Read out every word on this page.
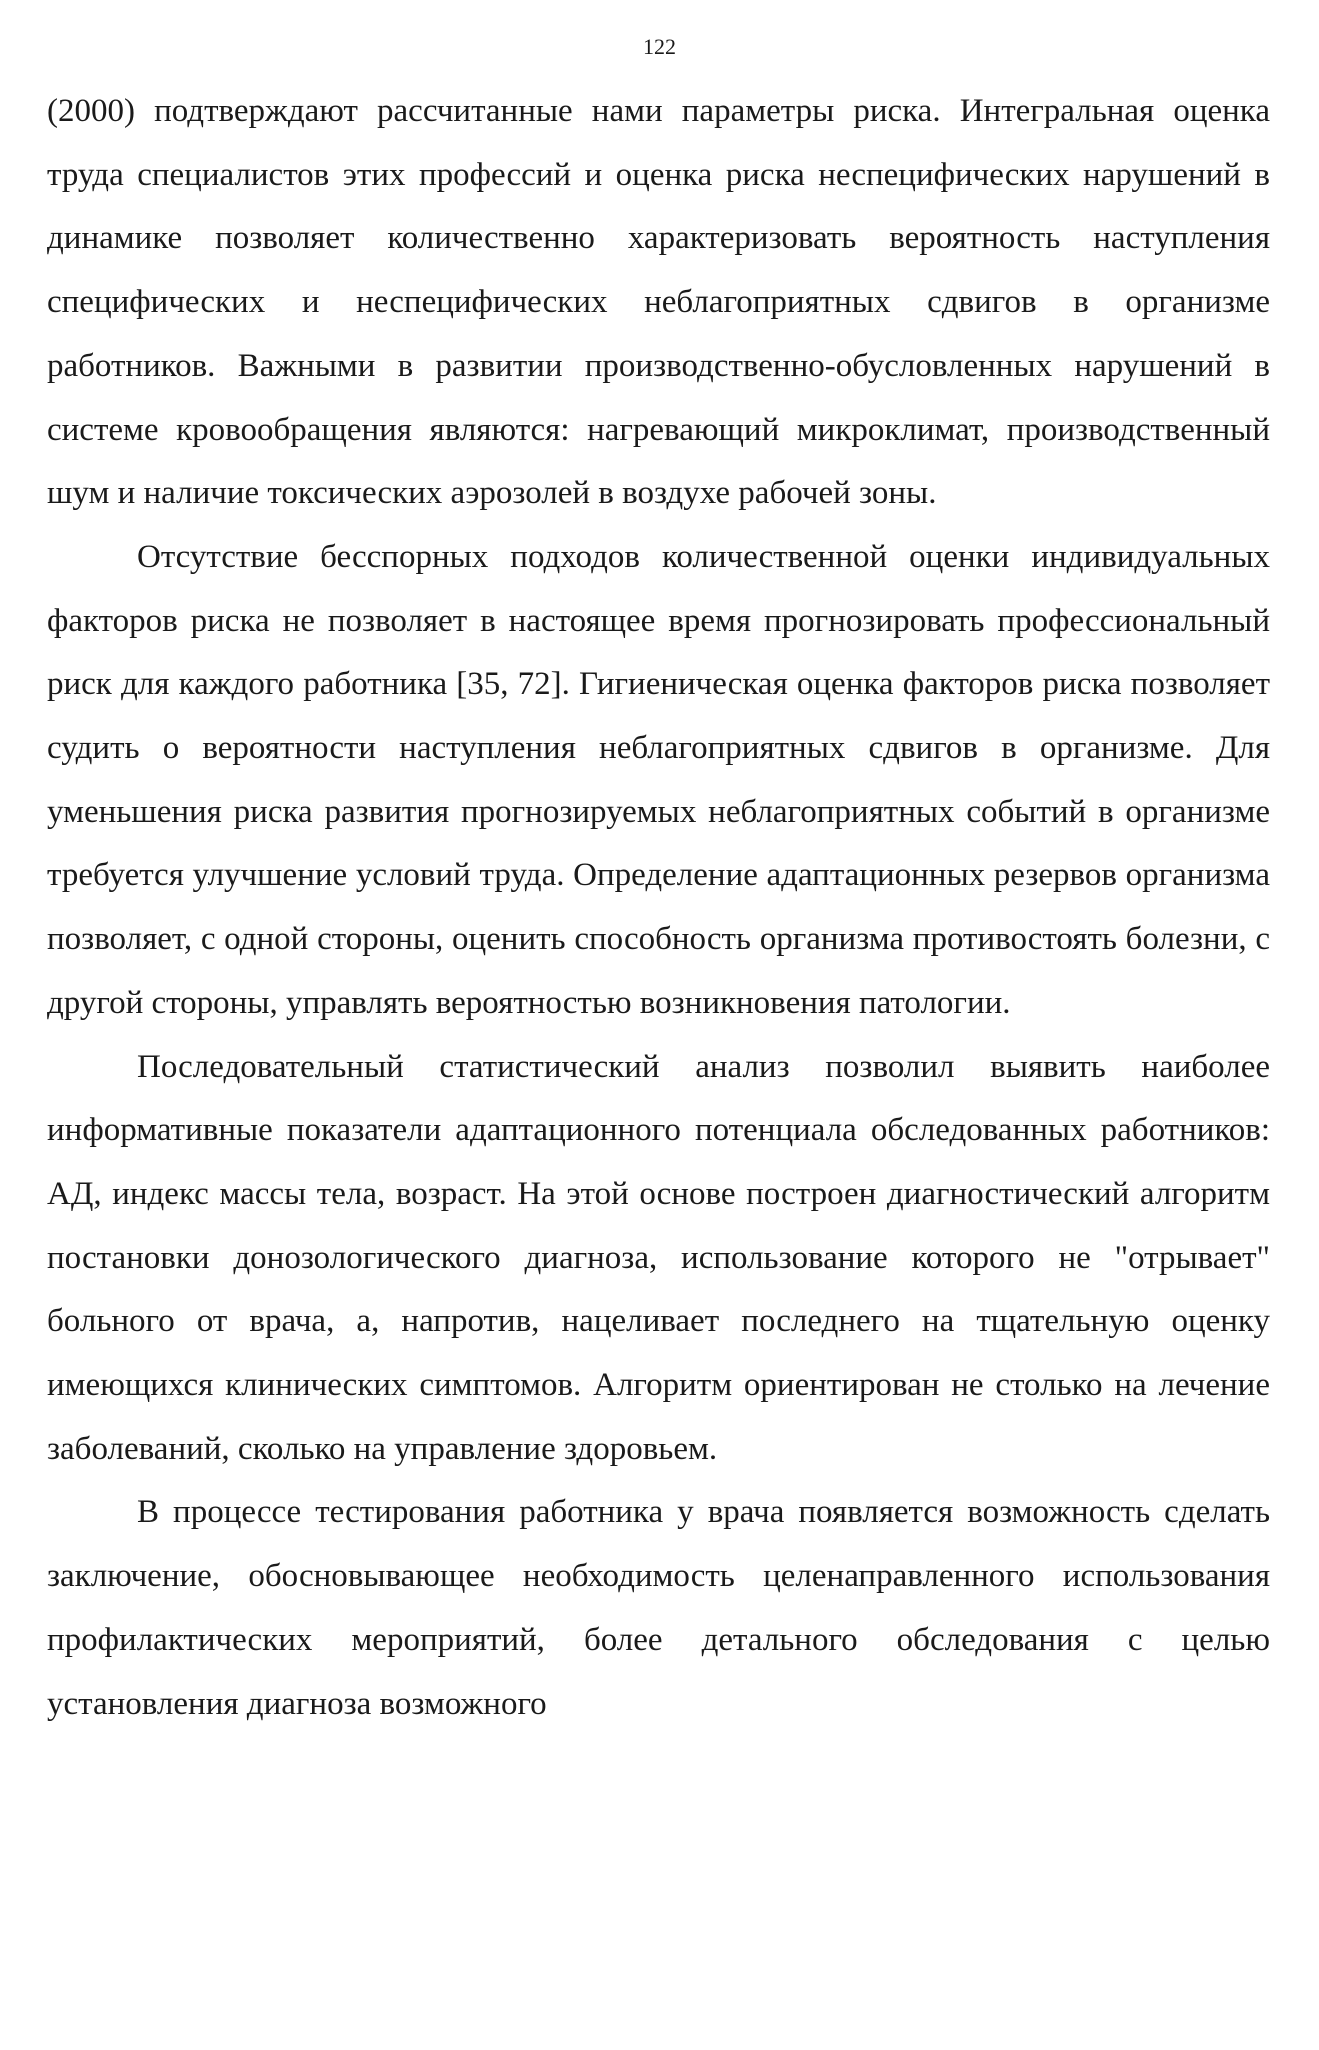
122

(2000) подтверждают рассчитанные нами параметры риска. Интегральная оценка труда специалистов этих профессий и оценка риска неспецифических нарушений в динамике позволяет количественно характеризовать вероятность наступления специфических и неспецифических неблагоприятных сдвигов в организме работников. Важными в развитии производственно-обусловленных нарушений в системе кровообращения являются: нагревающий микроклимат, производственный шум и наличие токсических аэрозолей в воздухе рабочей зоны.

Отсутствие бесспорных подходов количественной оценки индивидуальных факторов риска не позволяет в настоящее время прогнозировать профессиональный риск для каждого работника [35, 72]. Гигиеническая оценка факторов риска позволяет судить о вероятности наступления неблагоприятных сдвигов в организме. Для уменьшения риска развития прогнозируемых неблагоприятных событий в организме требуется улучшение условий труда. Определение адаптационных резервов организма позволяет, с одной стороны, оценить способность организма противостоять болезни, с другой стороны, управлять вероятностью возникновения патологии.

Последовательный статистический анализ позволил выявить наиболее информативные показатели адаптационного потенциала обследованных работников: АД, индекс массы тела, возраст. На этой основе построен диагностический алгоритм постановки донозологического диагноза, использование которого не "отрывает" больного от врача, а, напротив, нацеливает последнего на тщательную оценку имеющихся клинических симптомов. Алгоритм ориентирован не столько на лечение заболеваний, сколько на управление здоровьем.

В процессе тестирования работника у врача появляется возможность сделать заключение, обосновывающее необходимость целенаправленного использования профилактических мероприятий, более детального обследования с целью установления диагноза возможного
